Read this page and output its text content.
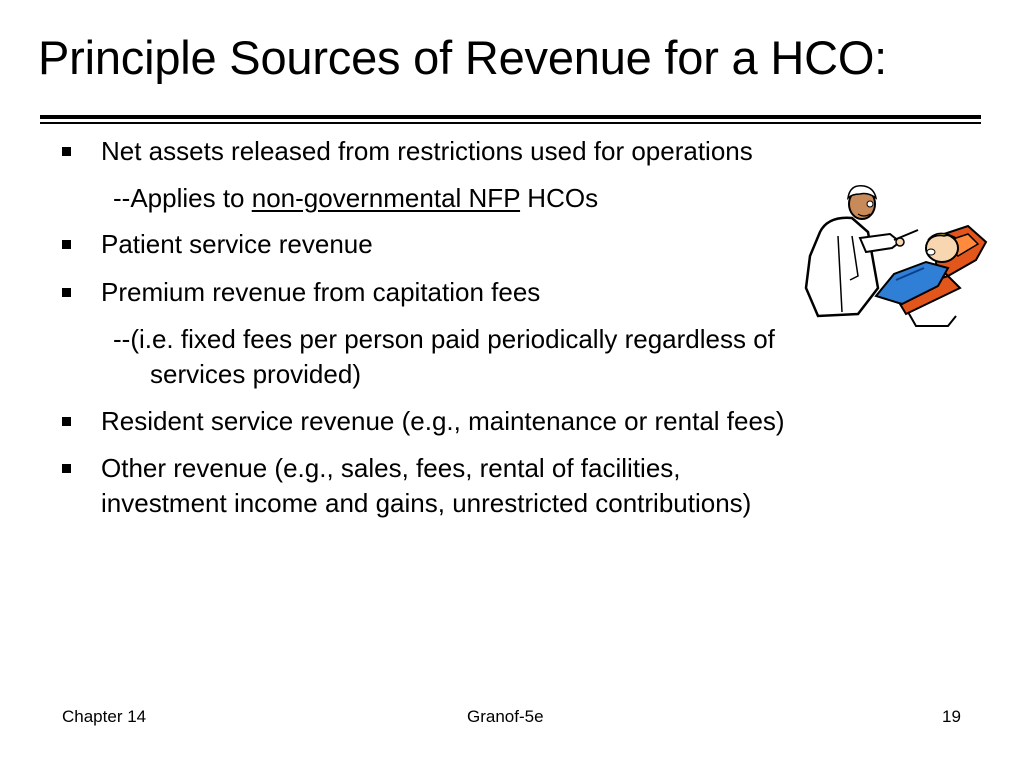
Principle Sources of Revenue for a HCO:
Net assets released from restrictions used for operations
--Applies to non-governmental NFP HCOs
Patient service revenue
Premium revenue from capitation fees
--(i.e. fixed fees per person paid periodically regardless of
services provided)
Resident service revenue (e.g., maintenance or rental fees)
Other revenue (e.g., sales, fees, rental of facilities,
investment income and gains, unrestricted contributions)
Chapter 14	Granof-5e	19
